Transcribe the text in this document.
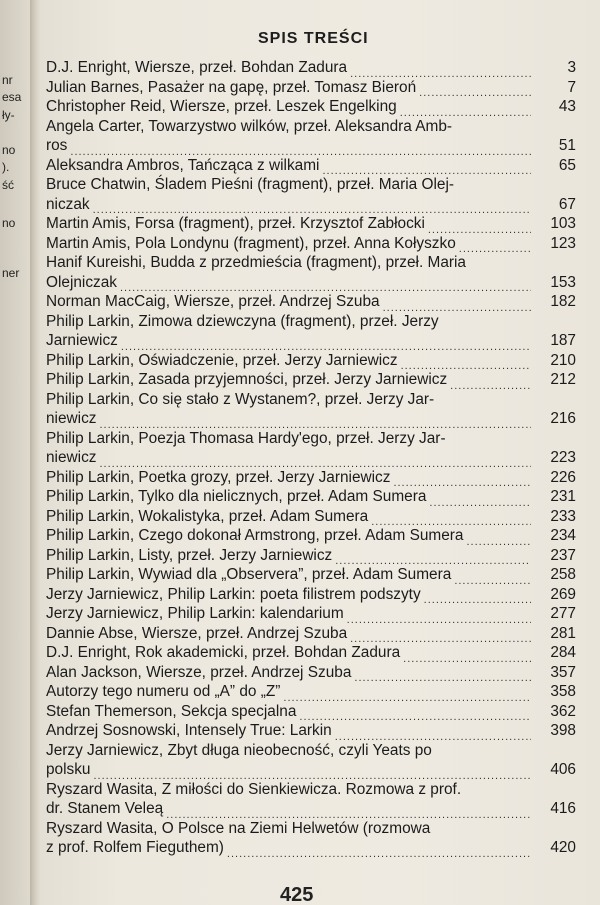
nr
esa
ły-
no
).
ść
no
ner
SPIS TREŚCI
D.J. Enright, Wiersze, przeł. Bohdan Zadura .....	3
Julian Barnes, Pasażer na gapę, przeł. Tomasz Bieroń .....	7
Christopher Reid, Wiersze, przeł. Leszek Engelking .....	43
Angela Carter, Towarzystwo wilków, przeł. Aleksandra Amb-
ros .....	51
Aleksandra Ambros, Tańcząca z wilkami .....	65
Bruce Chatwin, Śladem Pieśni (fragment), przeł. Maria Olej-
niczak .....	67
Martin Amis, Forsa (fragment), przeł. Krzysztof Zabłocki .....	103
Martin Amis, Pola Londynu (fragment), przeł. Anna Kołyszko .....	123
Hanif Kureishi, Budda z przedmieścia (fragment), przeł. Maria
Olejniczak .....	153
Norman MacCaig, Wiersze, przeł. Andrzej Szuba .....	182
Philip Larkin, Zimowa dziewczyna (fragment), przeł. Jerzy
Jarniewicz .....	187
Philip Larkin, Oświadczenie, przeł. Jerzy Jarniewicz .....	210
Philip Larkin, Zasada przyjemności, przeł. Jerzy Jarniewicz .....	212
Philip Larkin, Co się stało z Wystanem?, przeł. Jerzy Jar-
niewicz .....	216
Philip Larkin, Poezja Thomasa Hardy'ego, przeł. Jerzy Jar-
niewicz .....	223
Philip Larkin, Poetka grozy, przeł. Jerzy Jarniewicz .....	226
Philip Larkin, Tylko dla nielicznych, przeł. Adam Sumera .....	231
Philip Larkin, Wokalistyka, przeł. Adam Sumera .....	233
Philip Larkin, Czego dokonał Armstrong, przeł. Adam Sumera .....	234
Philip Larkin, Listy, przeł. Jerzy Jarniewicz .....	237
Philip Larkin, Wywiad dla „Observera”, przeł. Adam Sumera .....	258
Jerzy Jarniewicz, Philip Larkin: poeta filistrem podszyty .....	269
Jerzy Jarniewicz, Philip Larkin: kalendarium .....	277
Dannie Abse, Wiersze, przeł. Andrzej Szuba .....	281
D.J. Enright, Rok akademicki, przeł. Bohdan Zadura .....	284
Alan Jackson, Wiersze, przeł. Andrzej Szuba .....	357
Autorzy tego numeru od „A” do „Z” .....	358
Stefan Themerson, Sekcja specjalna .....	362
Andrzej Sosnowski, Intensely True: Larkin .....	398
Jerzy Jarniewicz, Zbyt długa nieobecność, czyli Yeats po
polsku .....	406
Ryszard Wasita, Z miłości do Sienkiewicza. Rozmowa z prof.
dr. Stanem Veleą .....	416
Ryszard Wasita, O Polsce na Ziemi Helwetów (rozmowa
z prof. Rolfem Fieguthem) .....	420
425
